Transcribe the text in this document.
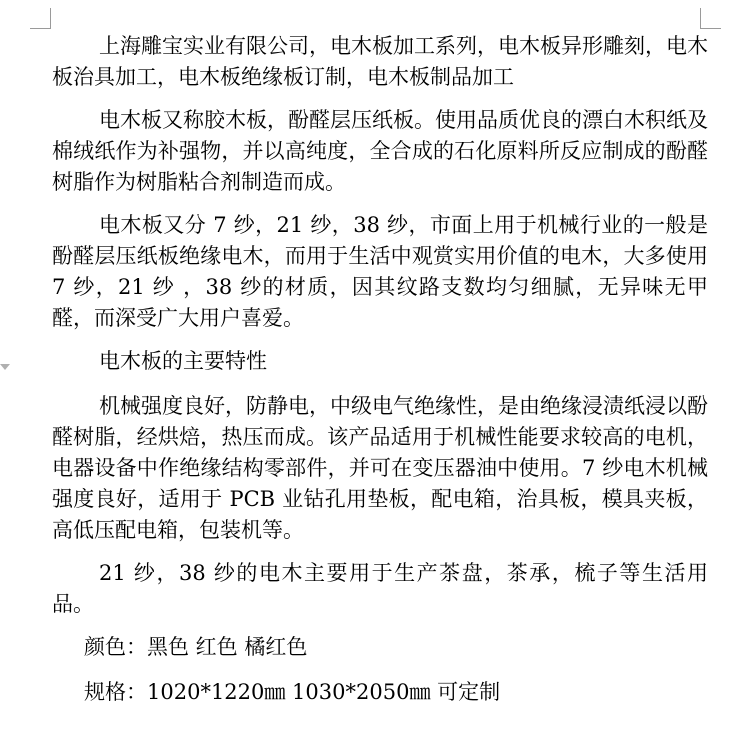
上海雕宝实业有限公司，电木板加工系列，电木板异形雕刻，电木板治具加工，电木板绝缘板订制，电木板制品加工

电木板又称胶木板，酚醛层压纸板。使用品质优良的漂白木积纸及棉绒纸作为补强物，并以高纯度，全合成的石化原料所反应制成的酚醛树脂作为树脂粘合剂制造而成。

电木板又分 7 纱，21 纱，38 纱，市面上用于机械行业的一般是酚醛层压纸板绝缘电木，而用于生活中观赏实用价值的电木，大多使用 7 纱，21 纱 ，38 纱的材质，因其纹路支数均匀细腻，无异味无甲醛，而深受广大用户喜爱。

电木板的主要特性

机械强度良好，防静电，中级电气绝缘性，是由绝缘浸渍纸浸以酚醛树脂，经烘焙，热压而成。该产品适用于机械性能要求较高的电机，电器设备中作绝缘结构零部件，并可在变压器油中使用。7 纱电木机械强度良好，适用于 PCB 业钻孔用垫板，配电箱，治具板，模具夹板，高低压配电箱，包装机等。

21 纱，38 纱的电木主要用于生产茶盘，茶承，梳子等生活用品。

颜色：黑色 红色 橘红色

规格：1020*1220㎜ 1030*2050㎜ 可定制
